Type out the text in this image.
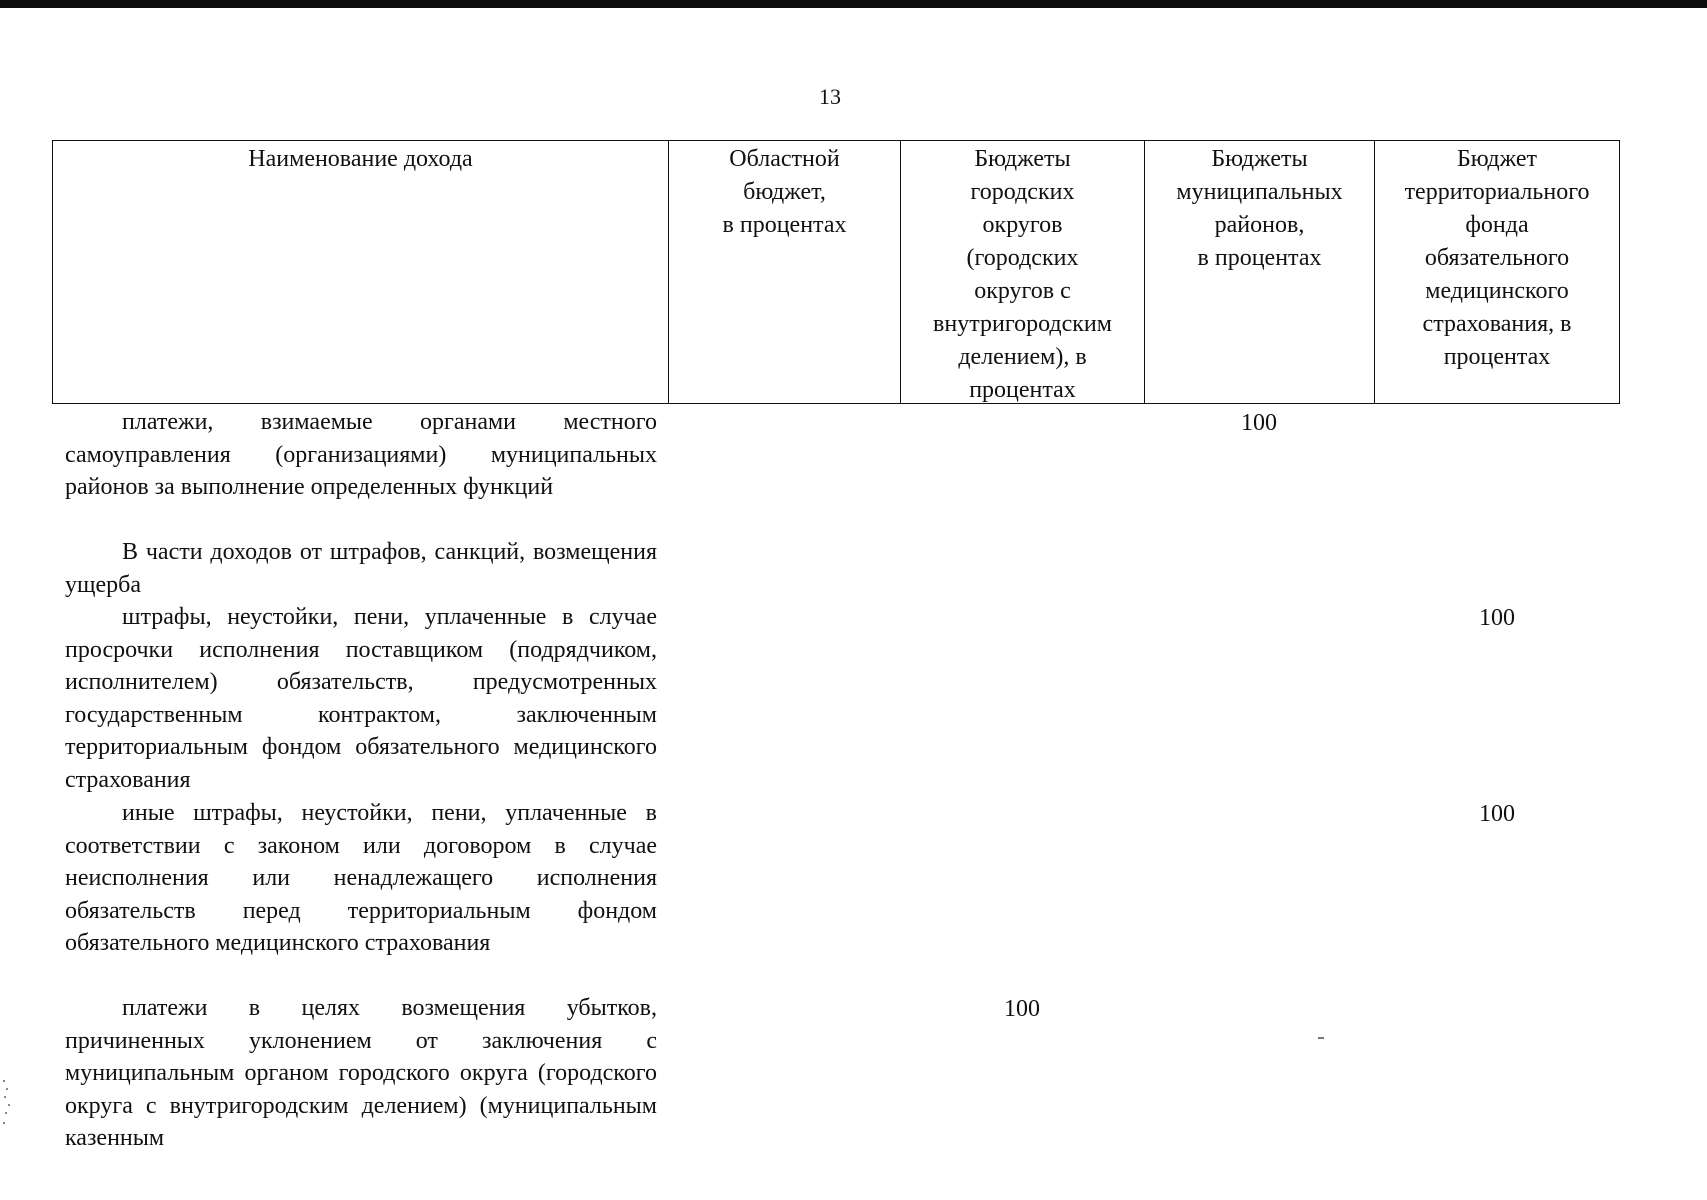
13
Наименование дохода	Областной
бюджет,
в процентах
Бюджеты
городских
округов
(городских
округов с
внутригородским
делением), в
процентах
Бюджеты
муниципальных
районов,
в процентах
Бюджет
территориального
фонда
обязательного
медицинского
страхования, в
процентах

платежи, взимаемые органами местного самоуправления (организациями) муниципальных районов за выполнение определенных функций

100

В части доходов от штрафов, санкций, возмещения ущерба

штрафы, неустойки, пени, уплаченные в случае просрочки исполнения поставщиком (подрядчиком, исполнителем) обязательств, предусмотренных государственным контрактом, заключенным территориальным фондом обязательного медицинского страхования

100

иные штрафы, неустойки, пени, уплаченные в соответствии с законом или договором в случае неисполнения или ненадлежащего исполнения обязательств перед территориальным фондом обязательного медицинского страхования

100

платежи в целях возмещения убытков, причиненных уклонением от заключения с муниципальным органом городского округа (городского округа с внутригородским делением) (муниципальным казенным

100
